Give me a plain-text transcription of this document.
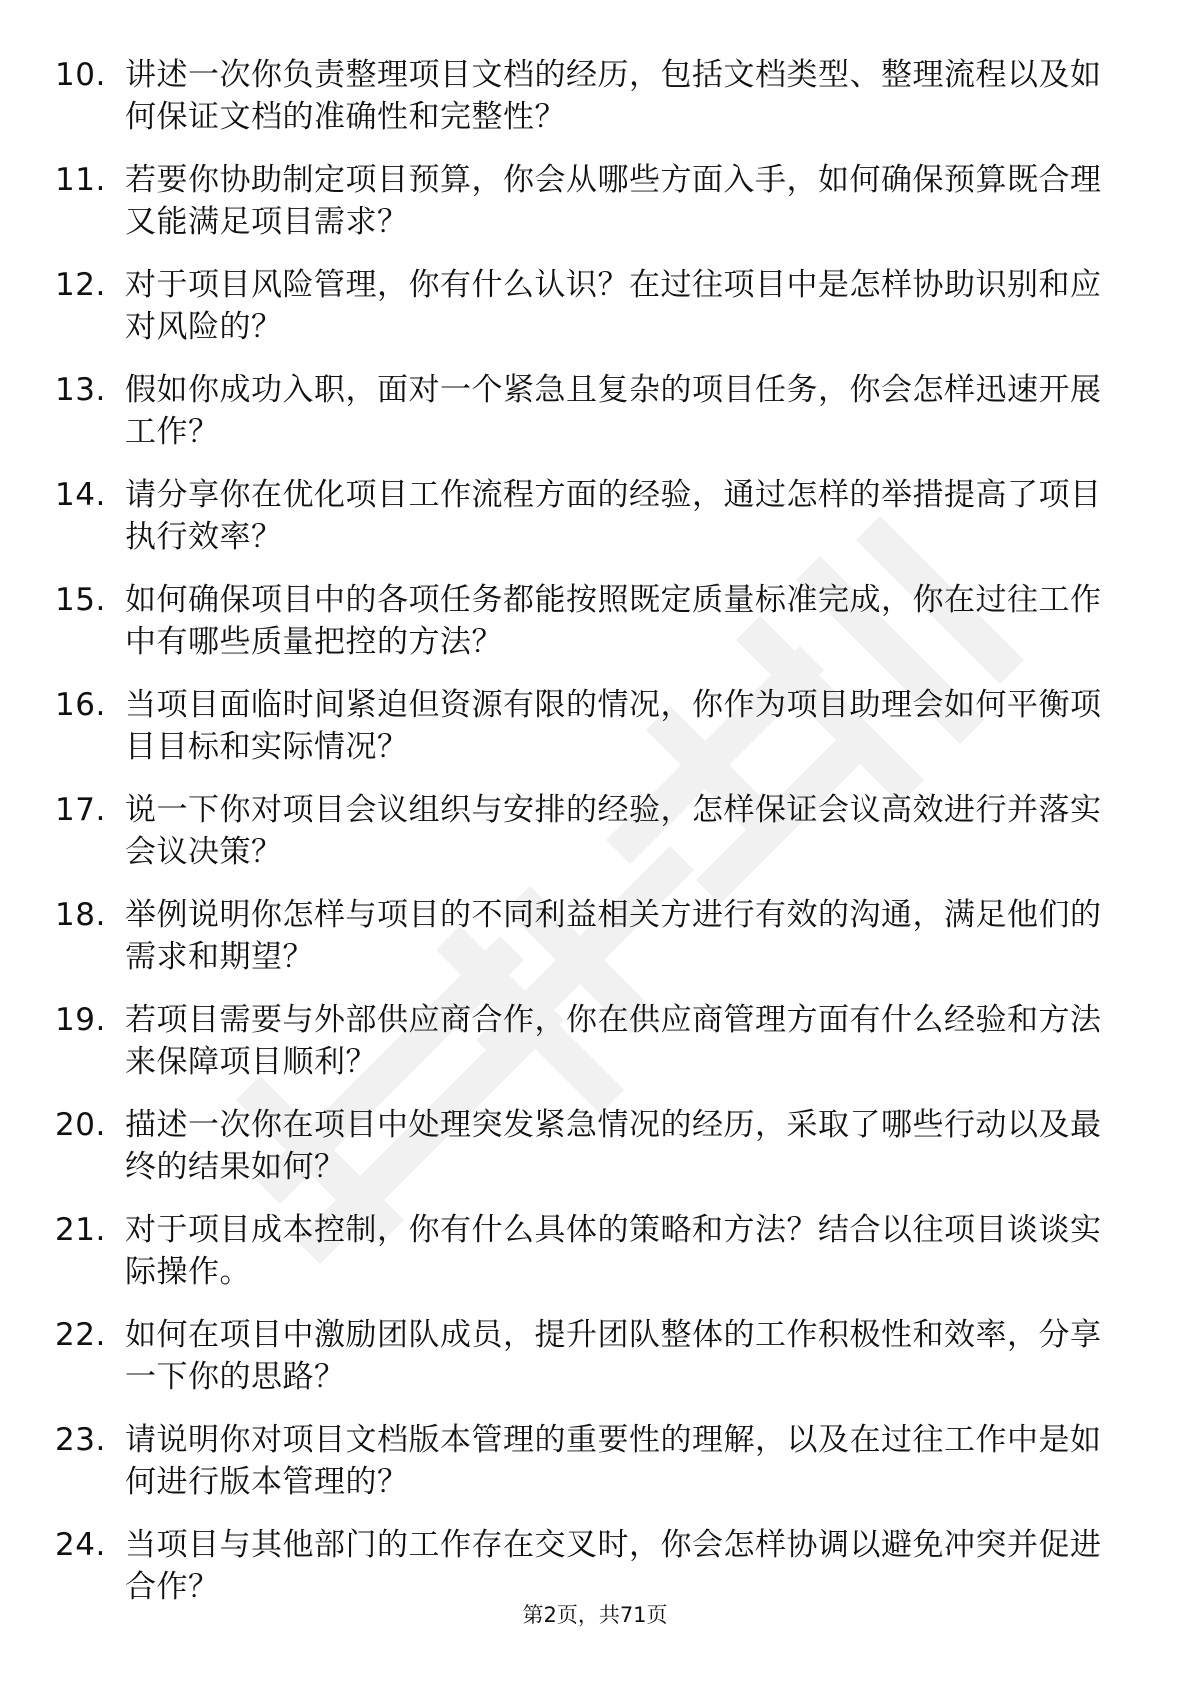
10. 讲述一次你负责整理项目文档的经历，包括文档类型、整理流程以及如何保证文档的准确性和完整性？
11. 若要你协助制定项目预算，你会从哪些方面入手，如何确保预算既合理又能满足项目需求？
12. 对于项目风险管理，你有什么认识？在过往项目中是怎样协助识别和应对风险的？
13. 假如你成功入职，面对一个紧急且复杂的项目任务，你会怎样迅速开展工作？
14. 请分享你在优化项目工作流程方面的经验，通过怎样的举措提高了项目执行效率？
15. 如何确保项目中的各项任务都能按照既定质量标准完成，你在过往工作中有哪些质量把控的方法？
16. 当项目面临时间紧迫但资源有限的情况，你作为项目助理会如何平衡项目目标和实际情况？
17. 说一下你对项目会议组织与安排的经验，怎样保证会议高效进行并落实会议决策？
18. 举例说明你怎样与项目的不同利益相关方进行有效的沟通，满足他们的需求和期望？
19. 若项目需要与外部供应商合作，你在供应商管理方面有什么经验和方法来保障项目顺利？
20. 描述一次你在项目中处理突发紧急情况的经历，采取了哪些行动以及最终的结果如何？
21. 对于项目成本控制，你有什么具体的策略和方法？结合以往项目谈谈实际操作。
22. 如何在项目中激励团队成员，提升团队整体的工作积极性和效率，分享一下你的思路？
23. 请说明你对项目文档版本管理的重要性的理解，以及在过往工作中是如何进行版本管理的？
24. 当项目与其他部门的工作存在交叉时，你会怎样协调以避免冲突并促进合作？
第2页，共71页
